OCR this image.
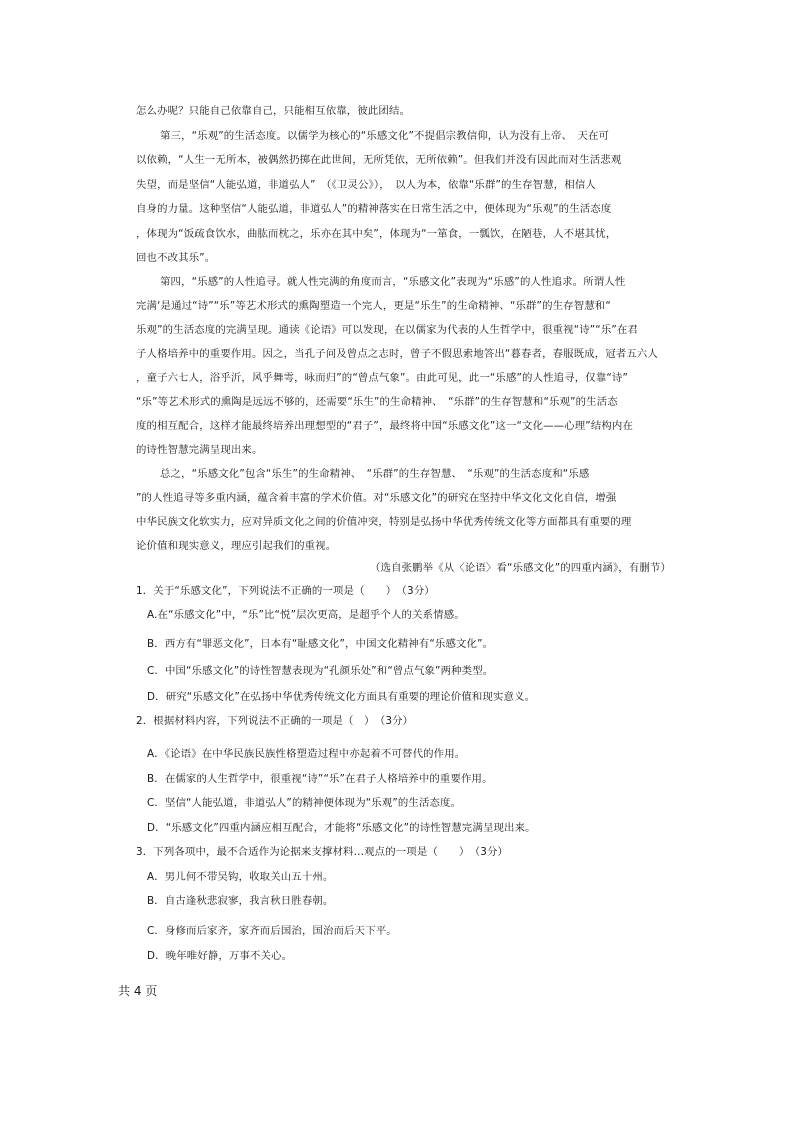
怎么办呢？只能自己依靠自己，只能相互依靠，彼此团结。
第三，“乐观”的生活态度。以儒学为核心的“乐感文化”不提倡宗教信仰，认为没有上帝、　天在可
以依赖，“人生一无所本，被偶然扔掷在此世间，无所凭依，无所依赖”。但我们并没有因此而对生活悲观
失望，而是坚信“人能弘道，非道弘人”　（《卫灵公》），　以人为本，依靠“乐群”的生存智慧，相信人
自身的力量。这种坚信“人能弘道，非道弘人”的精神落实在日常生活之中，便体现为“乐观”的生活态度
，体现为“饭疏食饮水，曲肱而枕之，乐亦在其中矣”，体现为“一箪食，一瓢饮，在陋巷，人不堪其忧，
回也不改其乐”。
第四，“乐感”的人性追寻。就人性完满的角度而言，“乐感文化”表现为“乐感”的人性追求。所谓人性
完满‘是通过“诗”“乐”等艺术形式的熏陶塑造一个完人，更是“乐生”的生命精神、“乐群”的生存智慧和“
乐观”的生活态度的完满呈现。通读《论语》可以发现，在以儒家为代表的人生哲学中，很重视“诗”“乐”在君
子人格培养中的重要作用。因之，当孔子问及曾点之志时，曾子不假思索地答出“暮春者，春服既成，冠者五六人
，童子六七人，浴乎沂，风乎舞雩，咏而归”的“曾点气象”。由此可见，此一“乐感”的人性追寻，仅靠“诗”
“乐”等艺术形式的熏陶是远远不够的，还需要“乐生”的生命精神、　“乐群”的生存智慧和“乐观”的生活态
度的相互配合，这样才能最终培养出理想型的“君子”，最终将中国“乐感文化”这一“文化——心理”结构内在
的诗性智慧完满呈现出来。
总之，“乐感文化”包含“乐生”的生命精神、　“乐群”的生存智慧、　“乐观”的生活态度和“乐感
”的人性追寻等多重内涵，蕴含着丰富的学术价值。对“乐感文化”的研究在坚持中华文化文化自信，增强
中华民族文化软实力，应对异质文化之间的价值冲突，特别是弘扬中华优秀传统文化等方面都具有重要的理
论价值和现实意义，理应引起我们的重视。
（选自张鹏举《从〈论语〉看“乐感文化”的四重内涵》，有删节）
1．关于“乐感文化”，下列说法不正确的一项是（　　）　（3分）
A.在“乐感文化”中，“乐”比“悦”层次更高，是超乎个人的关系情感。
B．西方有“罪恶文化”，日本有“耻感文化”，中国文化精神有“乐感文化”。
C．中国“乐感文化”的诗性智慧表现为“孔颜乐处”和“曾点气象”两种类型。
D．研究“乐感文化”在弘扬中华优秀传统文化方面具有重要的理论价值和现实意义。
2．根据材料内容，下列说法不正确的一项是（　）　（3分）
A．《论语》在中华民族民族性格塑造过程中亦起着不可替代的作用。
B．在儒家的人生哲学中，很重视“诗”“乐”在君子人格培养中的重要作用。
C．坚信“人能弘道，非道弘人”的精神便体现为“乐观”的生活态度。
D．“乐感文化”四重内涵应相互配合，才能将“乐感文化”的诗性智慧完满呈现出来。
3．下列各项中，最不合适作为论据来支撑材料…观点的一项是（　　）　（3分）
A．男儿何不带吴钩，收取关山五十州。
B．自古逢秋悲寂寥，我言秋日胜春朝。
C．身修而后家齐，家齐而后国治，国治而后天下平。
D．晚年唯好静，万事不关心。
共 4 页
